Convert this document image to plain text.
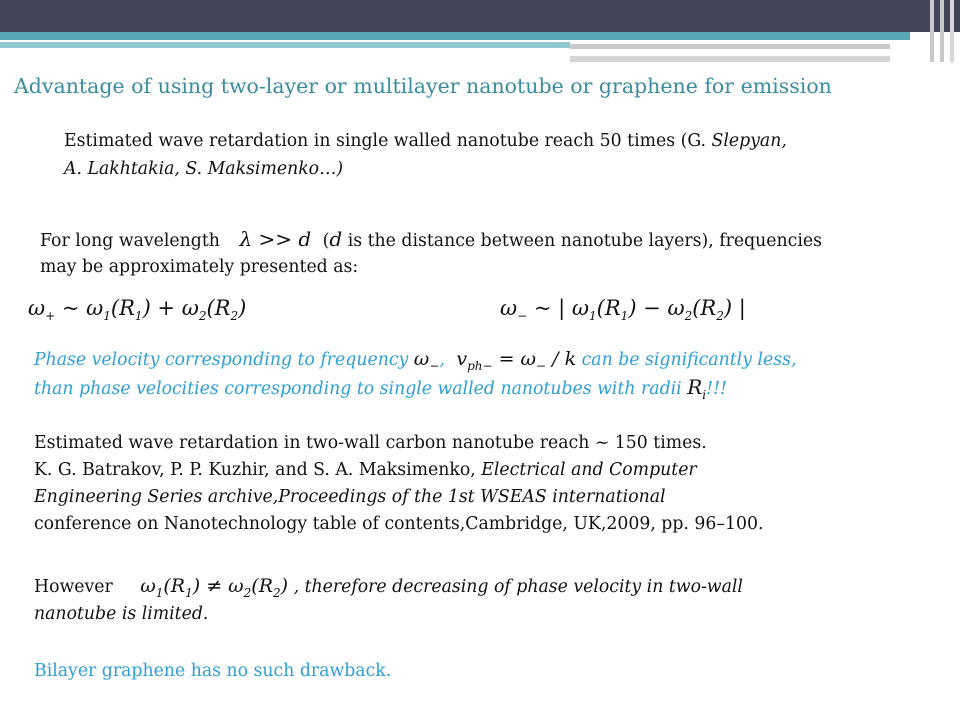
Advantage of using two-layer or multilayer nanotube or graphene for emission
Estimated wave retardation in single walled nanotube reach 50 times (G. Slepyan,
A. Lakhtakia, S. Maksimenko…)
For long wavelength λ >> d (d is the distance between nanotube layers), frequencies
may be approximately presented as:
$\omega_+$ ~ $\omega_1(R_1) + \omega_2(R_2)$	$\omega_-$ ~ | $\omega_1(R_1) - \omega_2(R_2)$ |
Phase velocity corresponding to frequency $\omega_-$, $v_{ph-} = \omega_- / k$ can be significantly less,
than phase velocities corresponding to single walled nanotubes with radii $R_i$!!!
Estimated wave retardation in two-wall carbon nanotube reach ~ 150 times.
K. G. Batrakov, P. P. Kuzhir, and S. A. Maksimenko, Electrical and Computer
Engineering Series archive,Proceedings of the 1st WSEAS international
conference on Nanotechnology table of contents,Cambridge, UK,2009, pp. 96–100.
However $\omega_1(R_1) \ne \omega_2(R_2)$ , therefore decreasing of phase velocity in two-wall
nanotube is limited.
Bilayer graphene has no such drawback.
